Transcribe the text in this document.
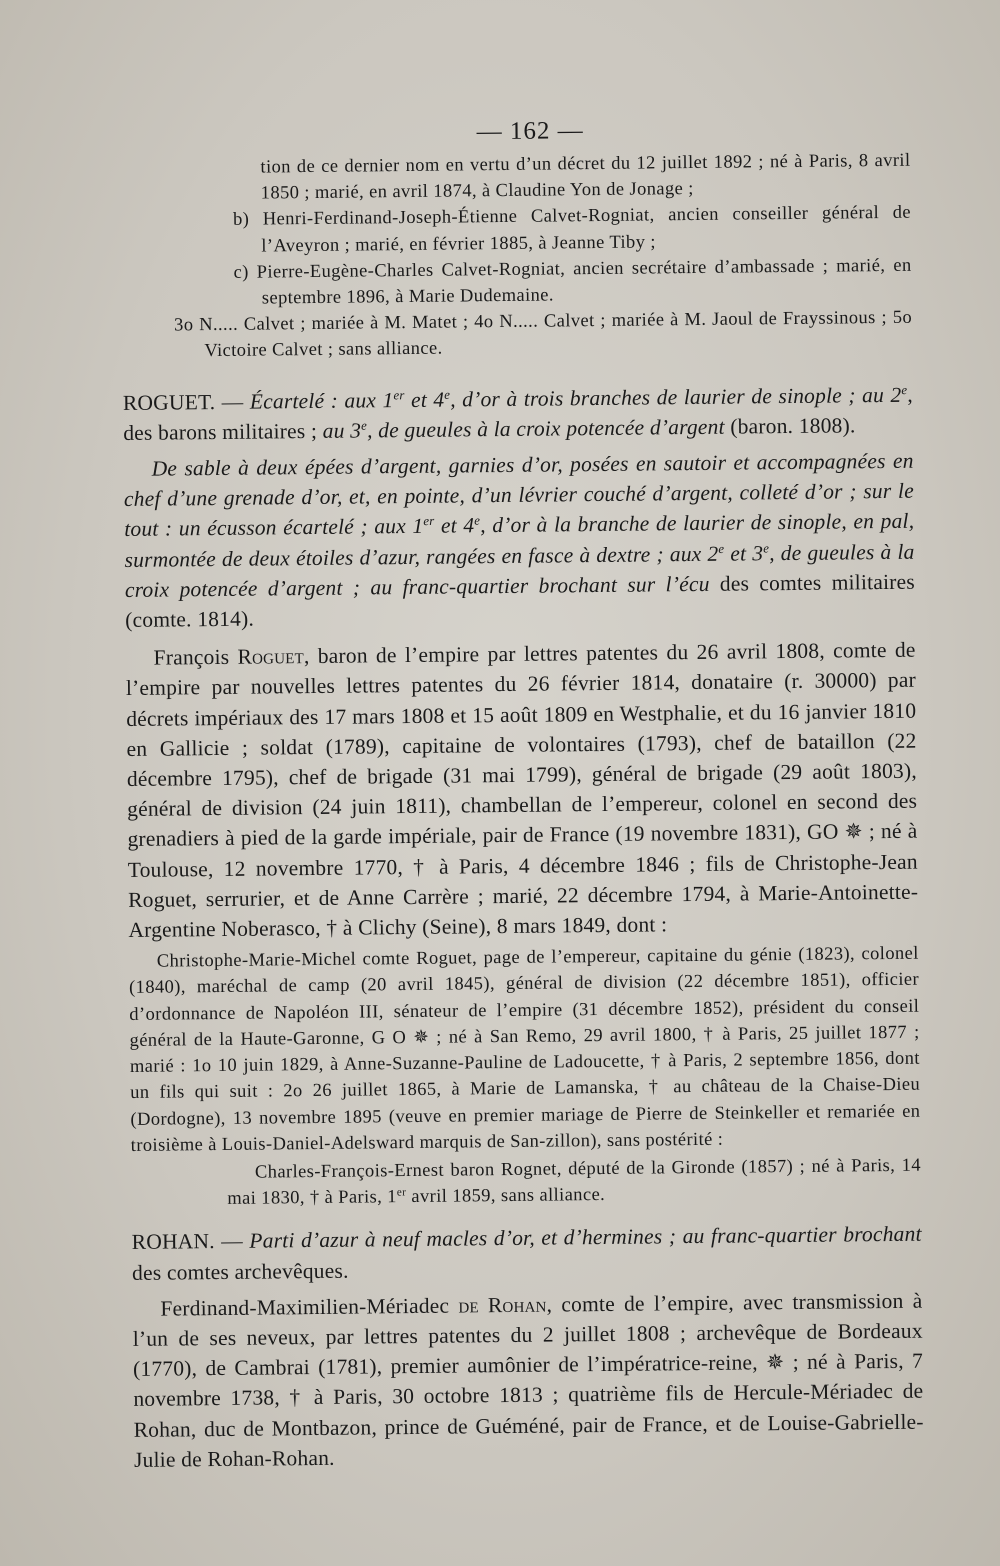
— 162 —

tion de ce dernier nom en vertu d’un décret du 12 juillet 1892 ; né à Paris, 8 avril 1850 ; marié, en avril 1874, à Claudine Yon de Jonage ;

b) Henri-Ferdinand-Joseph-Étienne Calvet-Rogniat, ancien conseiller général de l’Aveyron ; marié, en février 1885, à Jeanne Tiby ;

c) Pierre-Eugène-Charles Calvet-Rogniat, ancien secrétaire d’ambassade ; marié, en septembre 1896, à Marie Dudemaine.

3o N..... Calvet ; mariée à M. Matet ; 4o N..... Calvet ; mariée à M. Jaoul de Frayssinous ; 5o Victoire Calvet ; sans alliance.

ROGUET. — Écartelé : aux 1er et 4e, d’or à trois branches de laurier de sinople ; au 2e, des barons militaires ; au 3e, de gueules à la croix potencée d’argent (baron. 1808).

De sable à deux épées d’argent, garnies d’or, posées en sautoir et accompagnées en chef d’une grenade d’or, et, en pointe, d’un lévrier couché d’argent, colleté d’or ; sur le tout : un écusson écartelé ; aux 1er et 4e, d’or à la branche de laurier de sinople, en pal, surmontée de deux étoiles d’azur, rangées en fasce à dextre ; aux 2e et 3e, de gueules à la croix potencée d’argent ; au franc-quartier brochant sur l’écu des comtes militaires (comte. 1814).

François Roguet, baron de l’empire par lettres patentes du 26 avril 1808, comte de l’empire par nouvelles lettres patentes du 26 février 1814, donataire (r. 30000) par décrets impériaux des 17 mars 1808 et 15 août 1809 en Westphalie, et du 16 janvier 1810 en Gallicie ; soldat (1789), capitaine de volontaires (1793), chef de bataillon (22 décembre 1795), chef de brigade (31 mai 1799), général de brigade (29 août 1803), général de division (24 juin 1811), chambellan de l’empereur, colonel en second des grenadiers à pied de la garde impériale, pair de France (19 novembre 1831), GO ✵ ; né à Toulouse, 12 novembre 1770, † à Paris, 4 décembre 1846 ; fils de Christophe-Jean Roguet, serrurier, et de Anne Carrère ; marié, 22 décembre 1794, à Marie-Antoinette-Argentine Noberasco, † à Clichy (Seine), 8 mars 1849, dont :

Christophe-Marie-Michel comte Roguet, page de l’empereur, capitaine du génie (1823), colonel (1840), maréchal de camp (20 avril 1845), général de division (22 décembre 1851), officier d’ordonnance de Napoléon III, sénateur de l’empire (31 décembre 1852), président du conseil général de la Haute-Garonne, G O ✵ ; né à San Remo, 29 avril 1800, † à Paris, 25 juillet 1877 ; marié : 1o 10 juin 1829, à Anne-Suzanne-Pauline de Ladoucette, † à Paris, 2 septembre 1856, dont un fils qui suit : 2o 26 juillet 1865, à Marie de Lamanska, † au château de la Chaise-Dieu (Dordogne), 13 novembre 1895 (veuve en premier mariage de Pierre de Steinkeller et remariée en troisième à Louis-Daniel-Adelsward marquis de San-zillon), sans postérité :

Charles-François-Ernest baron Rognet, député de la Gironde (1857) ; né à Paris, 14 mai 1830, † à Paris, 1er avril 1859, sans alliance.

ROHAN. — Parti d’azur à neuf macles d’or, et d’hermines ; au franc-quartier brochant des comtes archevêques.

Ferdinand-Maximilien-Mériadec de Rohan, comte de l’empire, avec transmission à l’un de ses neveux, par lettres patentes du 2 juillet 1808 ; archevêque de Bordeaux (1770), de Cambrai (1781), premier aumônier de l’impératrice-reine, ✵ ; né à Paris, 7 novembre 1738, † à Paris, 30 octobre 1813 ; quatrième fils de Hercule-Mériadec de Rohan, duc de Montbazon, prince de Guéméné, pair de France, et de Louise-Gabrielle-Julie de Rohan-Rohan.
